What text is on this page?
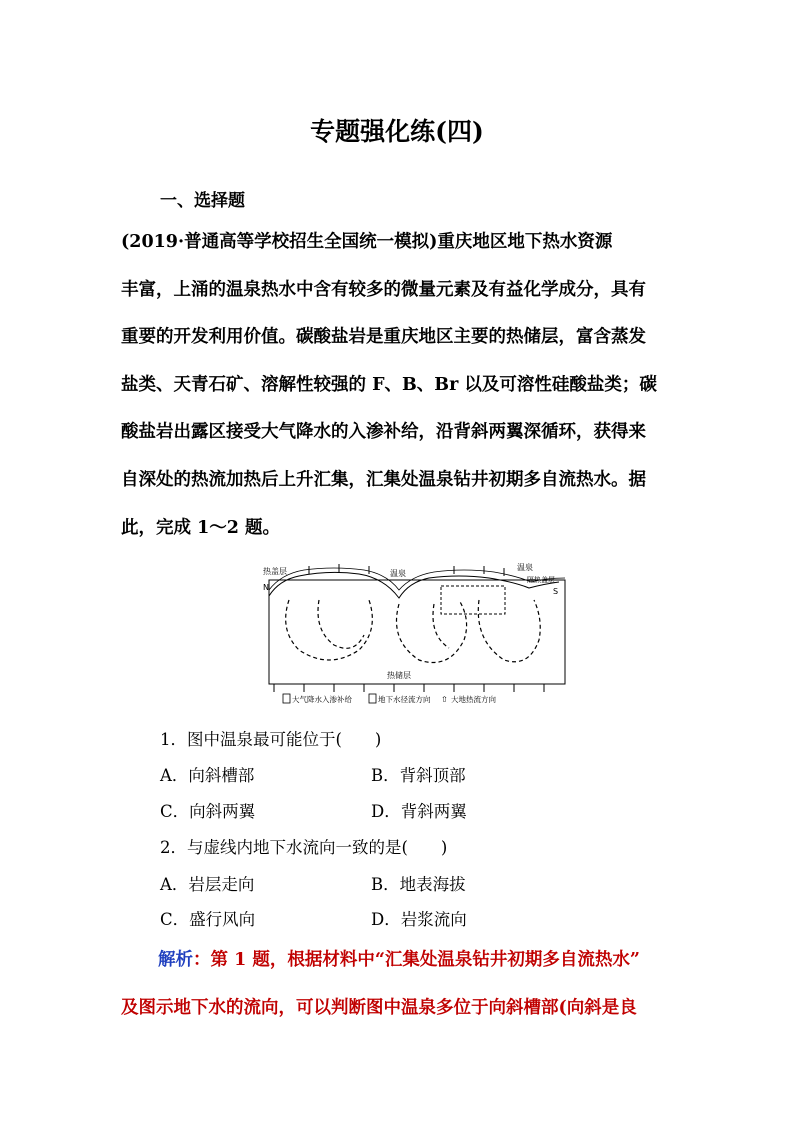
专题强化练(四)
一、选择题
(2019·普通高等学校招生全国统一模拟)重庆地区地下热水资源
丰富，上涌的温泉热水中含有较多的微量元素及有益化学成分，具有
重要的开发利用价值。碳酸盐岩是重庆地区主要的热储层，富含蒸发
盐类、天青石矿、溶解性较强的 F、B、Br 以及可溶性硅酸盐类；碳
酸盐岩出露区接受大气降水的入渗补给，沿背斜两翼深循环，获得来
自深处的热流加热后上升汇集，汇集处温泉钻井初期多自流热水。据
此，完成 1～2 题。
热盖层
N
温泉
温泉
隔热盖层
S
热储层
大气降水入渗补给	地下水径流方向 ⇧ 大地热流方向
1．图中温泉最可能位于(　　)
A．向斜槽部	B．背斜顶部
C．向斜两翼	D．背斜两翼
2．与虚线内地下水流向一致的是(　　)
A．岩层走向	B．地表海拔
C．盛行风向	D．岩浆流向
解析：第 1 题，根据材料中“汇集处温泉钻井初期多自流热水”
及图示地下水的流向，可以判断图中温泉多位于向斜槽部(向斜是良
